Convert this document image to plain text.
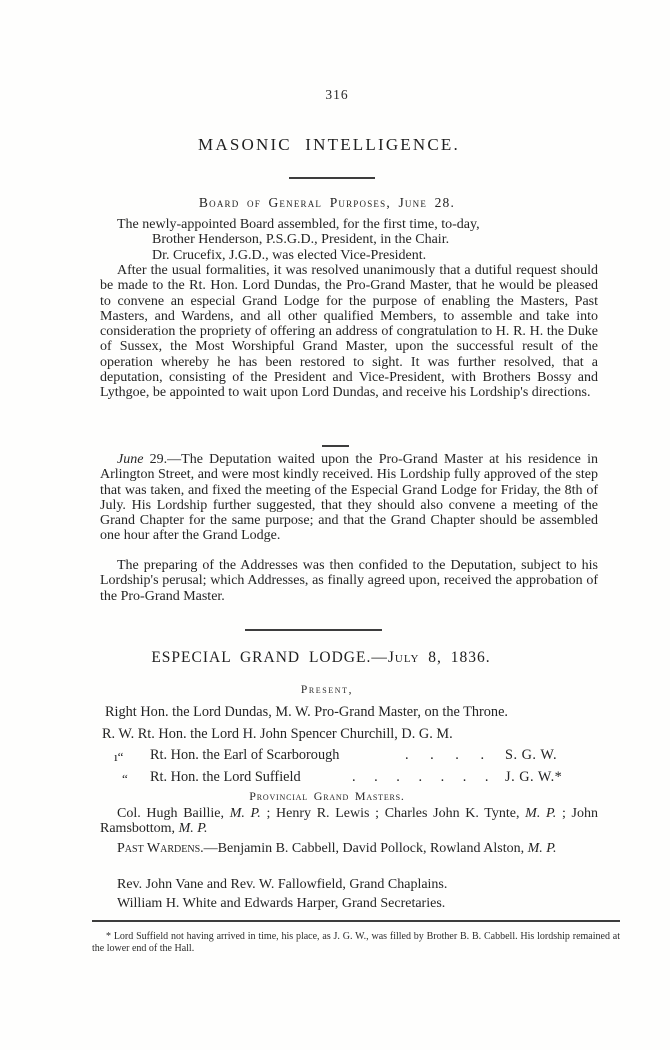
316
MASONIC INTELLIGENCE.
Board of General Purposes, June 28.
The newly-appointed Board assembled, for the first time, to-day,
Brother Henderson, P.S.G.D., President, in the Chair.
Dr. Crucefix, J.G.D., was elected Vice-President.
After the usual formalities, it was resolved unanimously that a dutiful request should be made to the Rt. Hon. Lord Dundas, the Pro-Grand Master, that he would be pleased to convene an especial Grand Lodge for the purpose of enabling the Masters, Past Masters, and Wardens, and all other qualified Members, to assemble and take into consideration the propriety of offering an address of congratulation to H. R. H. the Duke of Sussex, the Most Worshipful Grand Master, upon the successful result of the operation whereby he has been restored to sight. It was further resolved, that a deputation, consisting of the President and Vice-President, with Brothers Bossy and Lythgoe, be appointed to wait upon Lord Dundas, and receive his Lordship's directions.
June 29.—The Deputation waited upon the Pro-Grand Master at his residence in Arlington Street, and were most kindly received. His Lordship fully approved of the step that was taken, and fixed the meeting of the Especial Grand Lodge for Friday, the 8th of July. His Lordship further suggested, that they should also convene a meeting of the Grand Chapter for the same purpose; and that the Grand Chapter should be assembled one hour after the Grand Lodge.
The preparing of the Addresses was then confided to the Deputation, subject to his Lordship's perusal; which Addresses, as finally agreed upon, received the approbation of the Pro-Grand Master.
ESPECIAL GRAND LODGE.—July 8, 1836.
Present,
Right Hon. the Lord Dundas, M. W. Pro-Grand Master, on the Throne.
R. W. Rt. Hon. the Lord H. John Spencer Churchill, D. G. M.
ı“ Rt. Hon. the Earl of Scarborough	. . . . S. G. W.
“ Rt. Hon. the Lord Suffield	. . . . . . . J. G. W.*
Provincial Grand Masters.
Col. Hugh Baillie, M. P. ; Henry R. Lewis ; Charles John K. Tynte, M. P. ; John Ramsbottom, M. P.
Past Wardens.—Benjamin B. Cabbell, David Pollock, Rowland Alston, M. P.
Rev. John Vane and Rev. W. Fallowfield, Grand Chaplains.
William H. White and Edwards Harper, Grand Secretaries.
* Lord Suffield not having arrived in time, his place, as J. G. W., was filled by Brother B. B. Cabbell. His lordship remained at the lower end of the Hall.
